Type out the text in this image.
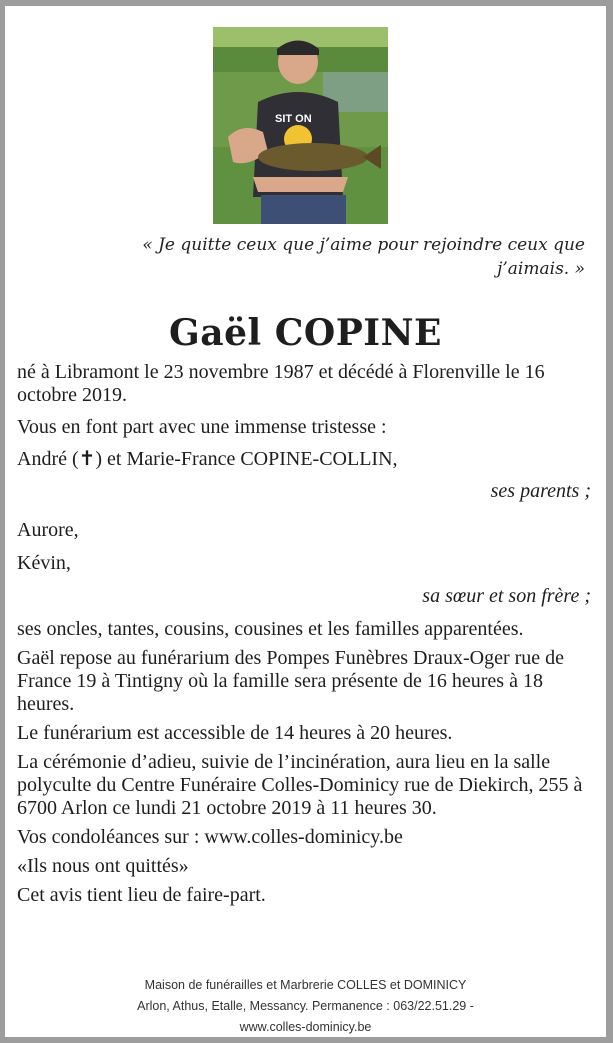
SIT ON
« Je quitte ceux que j’aime pour rejoindre ceux que j’aimais. »
Gaël COPINE

né à Libramont le 23 novembre 1987 et décédé à Florenville le 16 octobre 2019.

Vous en font part avec une immense tristesse :

André (✝) et Marie-France COPINE-COLLIN,

ses parents ;

Aurore,

Kévin,

sa sœur et son frère ;

ses oncles, tantes, cousins, cousines et les familles apparentées.

Gaël repose au funérarium des Pompes Funèbres Draux-Oger rue de France 19 à Tintigny où la famille sera présente de 16 heures à 18 heures.

Le funérarium est accessible de 14 heures à 20 heures.

La cérémonie d’adieu, suivie de l’incinération, aura lieu en la salle polyculte du Centre Funéraire Colles-Dominicy rue de Diekirch, 255 à 6700 Arlon ce lundi 21 octobre 2019 à 11 heures 30.

Vos condoléances sur : www.colles-dominicy.be

«Ils nous ont quittés»

Cet avis tient lieu de faire-part.

Maison de funérailles et Marbrerie COLLES et DOMINICY
Arlon, Athus, Etalle, Messancy. Permanence : 063/22.51.29 -
www.colles-dominicy.be
